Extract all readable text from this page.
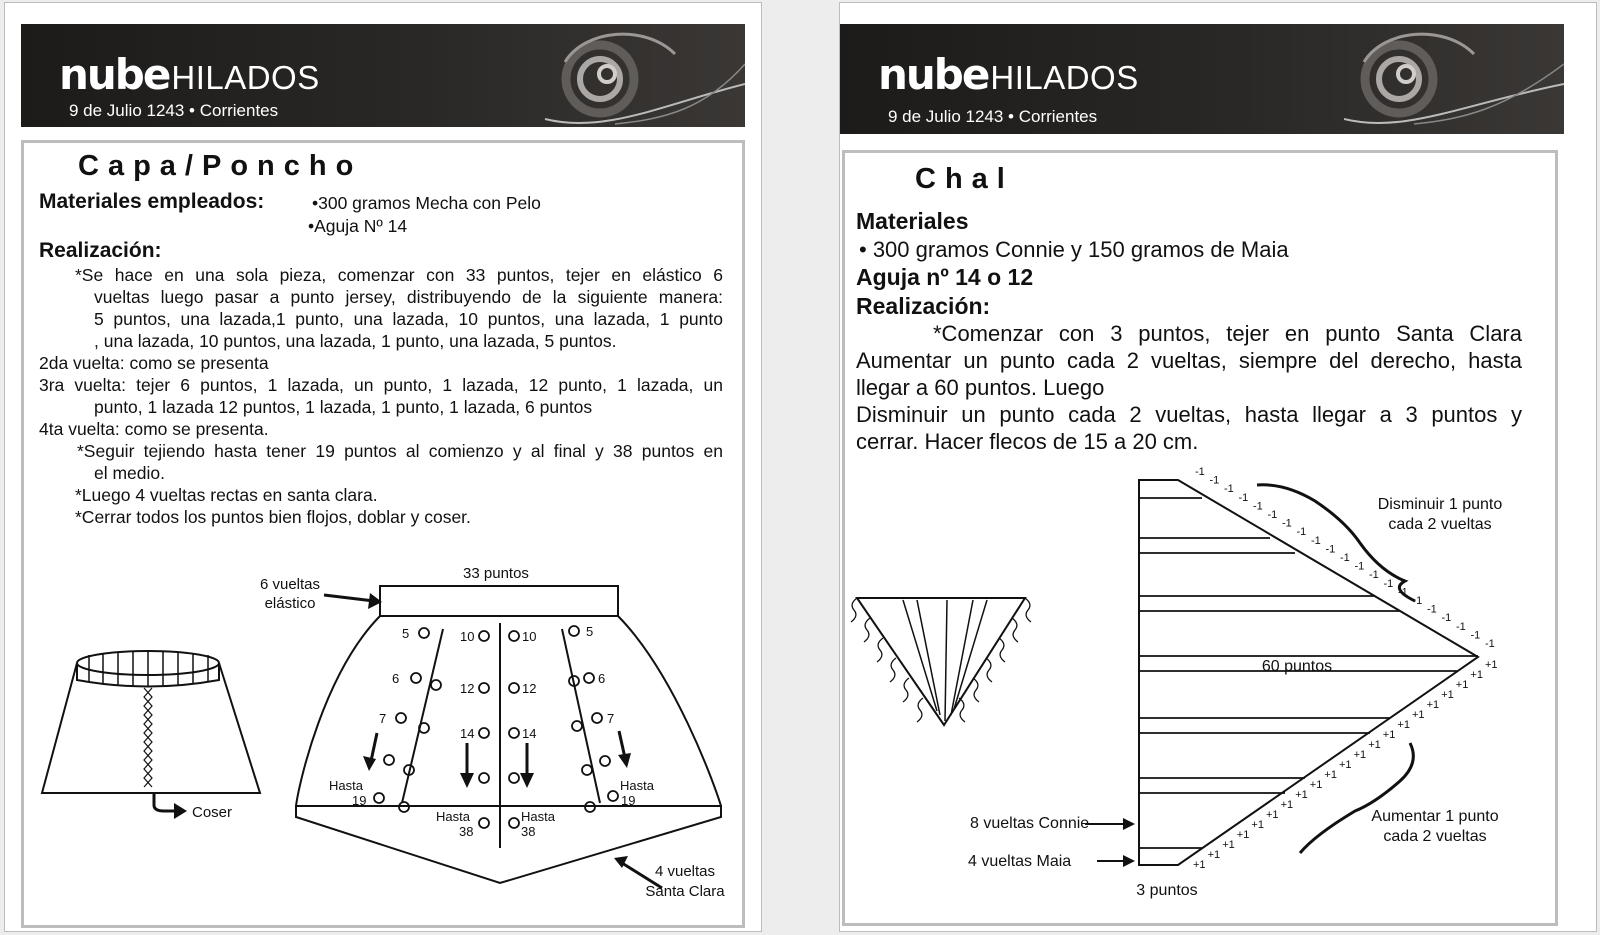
nubeHILADOS
9 de Julio 1243 • Corrientes
Capa/Poncho
Materiales empleados:	•300 gramos Mecha con Pelo
•Aguja Nº 14
Realización:
*Se hace en una sola pieza, comenzar con 33 puntos, tejer en elástico 6
vueltas luego pasar a punto jersey, distribuyendo de la siguiente manera:
5 puntos, una lazada,1 punto, una lazada, 10 puntos, una lazada, 1 punto
, una lazada, 10 puntos, una lazada, 1 punto, una lazada, 5 puntos.
2da vuelta: como se presenta
3ra vuelta: tejer 6 puntos, 1 lazada, un punto, 1 lazada, 12 punto, 1 lazada, un
punto, 1 lazada 12 puntos, 1 lazada, 1 punto, 1 lazada, 6 puntos
4ta vuelta: como se presenta.
*Seguir tejiendo hasta tener 19 puntos al comienzo y al final y 38 puntos en
el medio.
*Luego 4 vueltas rectas en santa clara.
*Cerrar todos los puntos bien flojos, doblar y coser.
33 puntos
6 vueltas
elástico
Coser
4 vueltas
Santa Clara
5	10	10	5
6
12	12
6
7
14	14
7
Hasta
19
Hasta
38
Hasta
38
Hasta
19
nubeHILADOS
9 de Julio 1243 • Corrientes
Chal
Materiales
• 300 gramos Connie y 150 gramos de Maia
Aguja nº 14 o 12
Realización:
*Comenzar con 3 puntos, tejer en punto Santa Clara
Aumentar un punto cada 2 vueltas, siempre del derecho, hasta
llegar a 60 puntos. Luego
Disminuir un punto cada 2 vueltas, hasta llegar a 3 puntos y
cerrar. Hacer flecos de 15 a 20 cm.
Disminuir 1 punto
cada 2 vueltas
Aumentar 1 punto
cada 2 vueltas
60 puntos
8 vueltas Connie
4 vueltas Maia
3 puntos
-1
+1
-1
+1
-1
+1
-1
+1
-1
+1
-1
+1
-1
+1
-1
+1
-1
+1
-1
+1
-1
+1
-1
+1
-1
+1
-1
+1
-1
+1
-1
+1
-1
+1
-1
+1
-1
+1
-1
+1
-1
+1
